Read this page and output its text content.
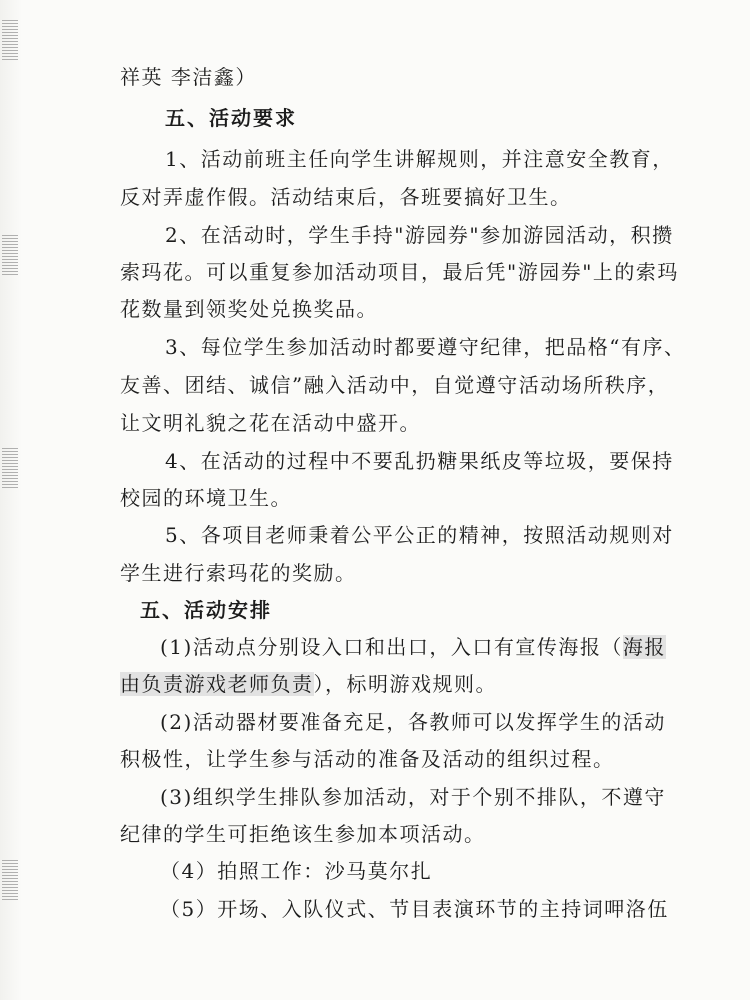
祥英 李洁鑫）
五、活动要求
1、活动前班主任向学生讲解规则，并注意安全教育，
反对弄虚作假。活动结束后，各班要搞好卫生。
2、在活动时，学生手持"游园券"参加游园活动，积攒
索玛花。可以重复参加活动项目，最后凭"游园券"上的索玛
花数量到领奖处兑换奖品。
3、每位学生参加活动时都要遵守纪律，把品格“有序、
友善、团结、诚信”融入活动中，自觉遵守活动场所秩序，
让文明礼貌之花在活动中盛开。
4、在活动的过程中不要乱扔糖果纸皮等垃圾，要保持
校园的环境卫生。
5、各项目老师秉着公平公正的精神，按照活动规则对
学生进行索玛花的奖励。
五、活动安排
(1)活动点分别设入口和出口，入口有宣传海报（海报
由负责游戏老师负责），标明游戏规则。
(2)活动器材要准备充足，各教师可以发挥学生的活动
积极性，让学生参与活动的准备及活动的组织过程。
(3)组织学生排队参加活动，对于个别不排队，不遵守
纪律的学生可拒绝该生参加本项活动。
（4）拍照工作：沙马莫尔扎
（5）开场、入队仪式、节目表演环节的主持词呷洛伍
